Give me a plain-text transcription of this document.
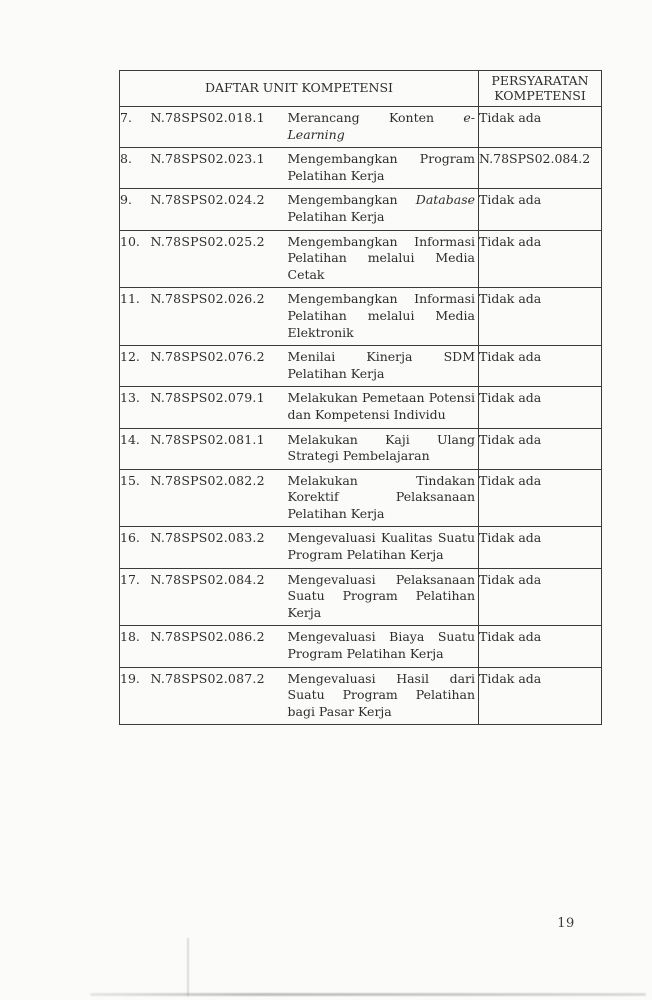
DAFTAR UNIT KOMPETENSI			PERSYARATAN KOMPETENSI
7.	N.78SPS02.018.1	Merancang Konten e-Learning	Tidak ada
8.	N.78SPS02.023.1	Mengembangkan Program Pelatihan Kerja	N.78SPS02.084.2
9.	N.78SPS02.024.2	Mengembangkan Database Pelatihan Kerja	Tidak ada
10.	N.78SPS02.025.2	Mengembangkan Informasi Pelatihan melalui Media Cetak	Tidak ada
11.	N.78SPS02.026.2	Mengembangkan Informasi Pelatihan melalui Media Elektronik	Tidak ada
12.	N.78SPS02.076.2	Menilai Kinerja SDM Pelatihan Kerja	Tidak ada
13.	N.78SPS02.079.1	Melakukan Pemetaan Potensi dan Kompetensi Individu	Tidak ada
14.	N.78SPS02.081.1	Melakukan Kaji Ulang Strategi Pembelajaran	Tidak ada
15.	N.78SPS02.082.2	Melakukan Tindakan Korektif Pelaksanaan Pelatihan Kerja	Tidak ada
16.	N.78SPS02.083.2	Mengevaluasi Kualitas Suatu Program Pelatihan Kerja	Tidak ada
17.	N.78SPS02.084.2	Mengevaluasi Pelaksanaan Suatu Program Pelatihan Kerja	Tidak ada
18.	N.78SPS02.086.2	Mengevaluasi Biaya Suatu Program Pelatihan Kerja	Tidak ada
19.	N.78SPS02.087.2	Mengevaluasi Hasil dari Suatu Program Pelatihan bagi Pasar Kerja	Tidak ada
19
